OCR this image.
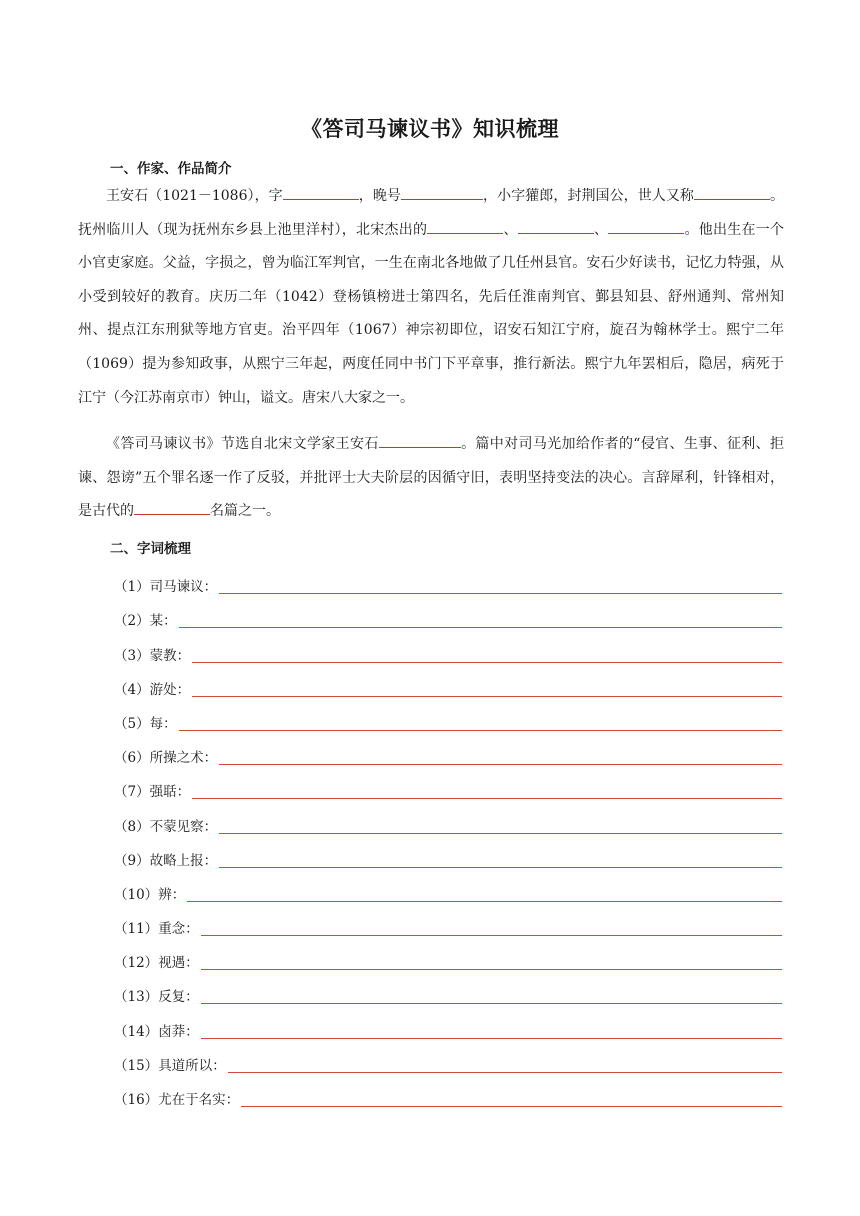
《答司马谏议书》知识梳理
一、作家、作品简介

王安石（1021－1086），字	，晚号	，小字獾郎，封荆国公，世人又称	。抚州临川人（现为抚州东乡县上池里洋村），北宋杰出的	、	、	。他出生在一个小官吏家庭。父益，字损之，曾为临江军判官，一生在南北各地做了几任州县官。安石少好读书，记忆力特强，从小受到较好的教育。庆历二年（1042）登杨镇榜进士第四名，先后任淮南判官、鄞县知县、舒州通判、常州知州、提点江东刑狱等地方官吏。治平四年（1067）神宗初即位，诏安石知江宁府，旋召为翰林学士。熙宁二年（1069）提为参知政事，从熙宁三年起，两度任同中书门下平章事，推行新法。熙宁九年罢相后，隐居，病死于江宁（今江苏南京市）钟山，谥文。唐宋八大家之一。

《答司马谏议书》节选自北宋文学家王安石	。篇中对司马光加给作者的“侵官、生事、征利、拒谏、怨谤”五个罪名逐一作了反驳，并批评士大夫阶层的因循守旧，表明坚持变法的决心。言辞犀利，针锋相对，是古代的	名篇之一。

二、字词梳理
（1） 司马谏议 ：
（2） 某 ：
（3） 蒙教 ：
（4） 游处 ：
（5） 每 ：
（6） 所操之术 ：
（7） 强聒 ：
（8） 不蒙见察 ：
（9） 故略上报 ：
（10） 辨 ：
（11） 重念 ：
（12） 视遇 ：
（13） 反复 ：
（14） 卤莽 ：
（15） 具道所以 ：
（16） 尤在于名实 ：
